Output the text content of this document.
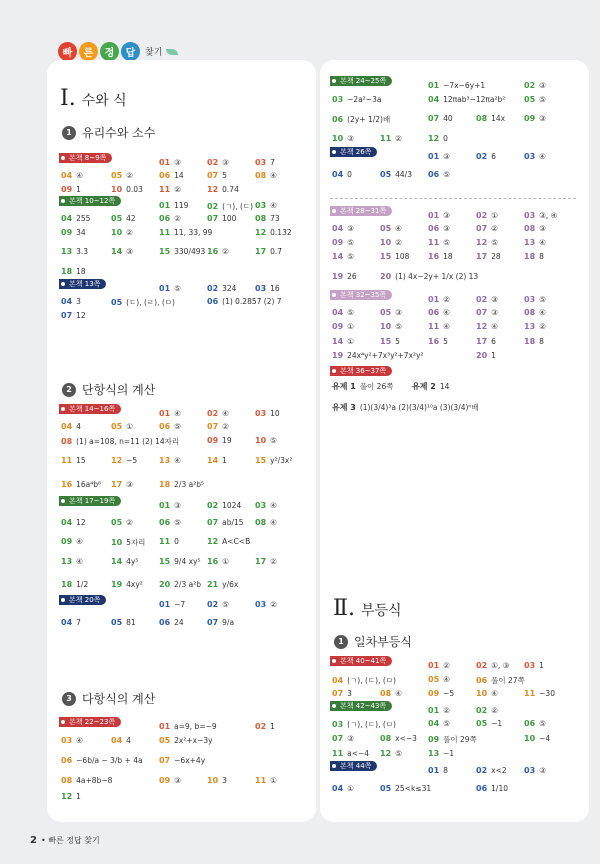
빠	른	정	답	찾기
Ⅰ. 수와 식
1 유리수와 소수
2 단항식의 계산
3 다항식의 계산
Ⅱ. 부등식
1 일차부등식
본책 8~9쪽
본책 10~12쪽
본책 13쪽
본책 14~16쪽
본책 17~19쪽
본책 20쪽
본책 22~23쪽
본책 24~25쪽
본책 26쪽
본책 28~31쪽
본책 32~35쪽
본책 36~37쪽
본책 40~41쪽
본책 42~43쪽
본책 44쪽
01 ③	02 ③	03 7
04 ④	05 ②	06 14	07 5	08 ④
09 1	10 0.03̇ 11 ②	12 0.74̇
01 119 02 (ㄱ), (ㄷ) 03 ④
04 255	05 42	06 ②	07 100 08 73
09 34	10 ②	11 11, 33, 99	12 0.13̇2̇
13 3.3̇	14 ③	15 330/493 16 ②	17 0.7̇
18 18
01 ⑤	02 324 03 16
04 3	05 (ㄷ), (ㄹ), (ㅁ)	06 (1) 0.28̇5̇7̇ (2) 7
07 12
01 ④	02 ④	03 10
04 4	05 ①	06 ⑤	07 ②
08 (1) a=108, n=11 (2) 14자리	09 19	10 ⑤
11 15	12 −5	13 ④	14 1	15 y²/3x²
16 16a⁴b⁶ 17 ③	18 2/3 a²b⁵
01 ③	02 1024 03 ④
04 12	05 ②	06 ⑤	07 ab/15 08 ④
09 ④	10 5자리 11 0	12 A<C<B
13 ④	14 4y⁵	15 9/4 xy⁵ 16 ①	17 ②
18 1/2	19 4xy² 20 2/3 a²b 21 y/6x
01 −7	02 ⑤	03 ②
04 7	05 81	06 24	07 9/a
01 a=9, b=−9	02 1
03 ④	04 4	05 2x²+x−3y
06 −6b/a − 3/b + 4a 07 −6x+4y
08 4a+8b−8	09 ③	10 3	11 ①
12 1
01 −7x−6y+1	02 ③
03 −2a²−3a	04 12πab³−12πa²b² 05 ⑤
06 (2y+ 1/2)배	07 40	08 14x 09 ③
10 ③	11 ②	12 0
01 ③	02 6	03 ④
04 0	05 44/3 06 ⑤
01 ③	02 ①	03 ③, ④
04 ③	05 ④	06 ③	07 ②	08 ③
09 ⑤	10 ②	11 ⑤	12 ⑤	13 ④
14 ⑤	15 108 16 18	17 28	18 8
19 26	20 (1) 4x−2y+ 1/x (2) 13
01 ②	02 ③	03 ⑤
04 ⑤	05 ③	06 ④	07 ③	08 ④
09 ①	10 ⑤	11 ④	12 ④	13 ②
14 ①	15 5	16 5	17 6	18 8
19 24x⁴y²+7x³y²+7x²y²	20 1
유제 1 풀이 26쪽 유제 2 14
유제 3 (1)(3/4)³a (2)(3/4)¹⁰a (3)(3/4)ⁿ배
01 ②	02 ①, ③ 03 1
04 (ㄱ), (ㄷ), (ㅁ)	05 ④	06 풀이 27쪽
07 3	08 ④	09 −5	10 ④	11 −30
01 ②	02 ②
03 (ㄱ), (ㄷ), (ㅁ)	04 ⑤	05 −1	06 ⑤
07 ③	08 x<−3 09 풀이 29쪽	10 −4
11 a<−4 12 ⑤	13 −1
01 8	02 x<2 03 ③
04 ①	05 25<k≤31	06 1/10
2 • 빠른 정답 찾기
